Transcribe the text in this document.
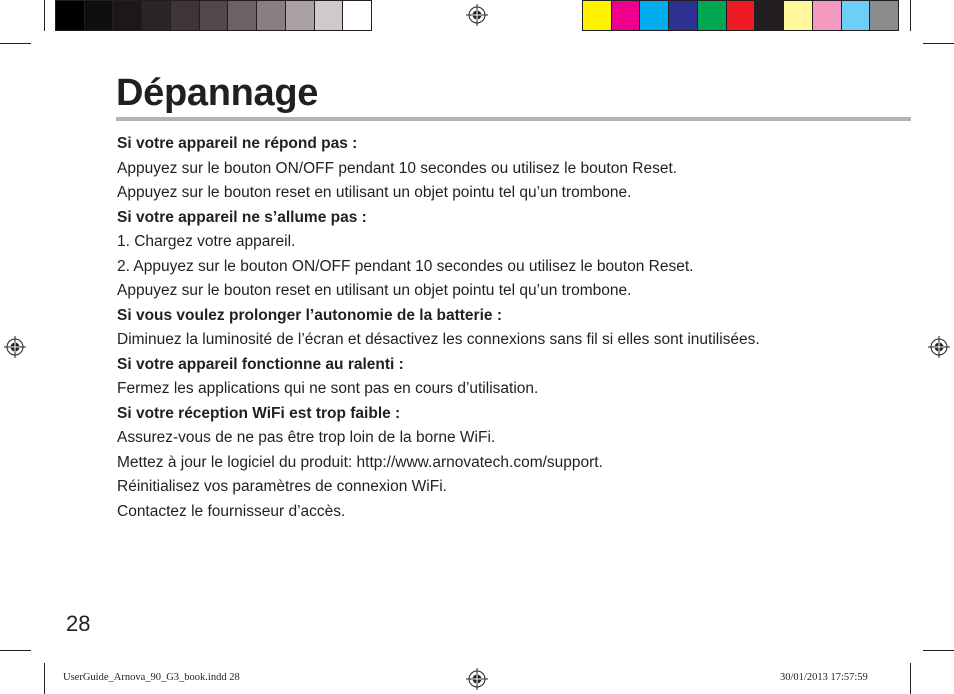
Dépannage
Si votre appareil ne répond pas :
Appuyez sur le bouton ON/OFF pendant 10 secondes ou utilisez le bouton Reset.
Appuyez sur le bouton reset en utilisant un objet pointu tel qu’un trombone.
Si votre appareil ne s’allume pas :
1. Chargez votre appareil.
2. Appuyez sur le bouton ON/OFF pendant 10 secondes ou utilisez le bouton Reset.
Appuyez sur le bouton reset en utilisant un objet pointu tel qu’un trombone.
Si vous voulez prolonger l’autonomie de la batterie :
Diminuez la luminosité de l’écran et désactivez les connexions sans fil si elles sont inutilisées.
Si votre appareil fonctionne au ralenti :
Fermez les applications qui ne sont pas en cours d’utilisation.
Si votre réception WiFi est trop faible :
Assurez-vous de ne pas être trop loin de la borne WiFi.
Mettez à jour le logiciel du produit: http://www.arnovatech.com/support.
Réinitialisez vos paramètres de connexion WiFi.
Contactez le fournisseur d’accès.
28
UserGuide_Arnova_90_G3_book.indd 28	30/01/2013 17:57:59
